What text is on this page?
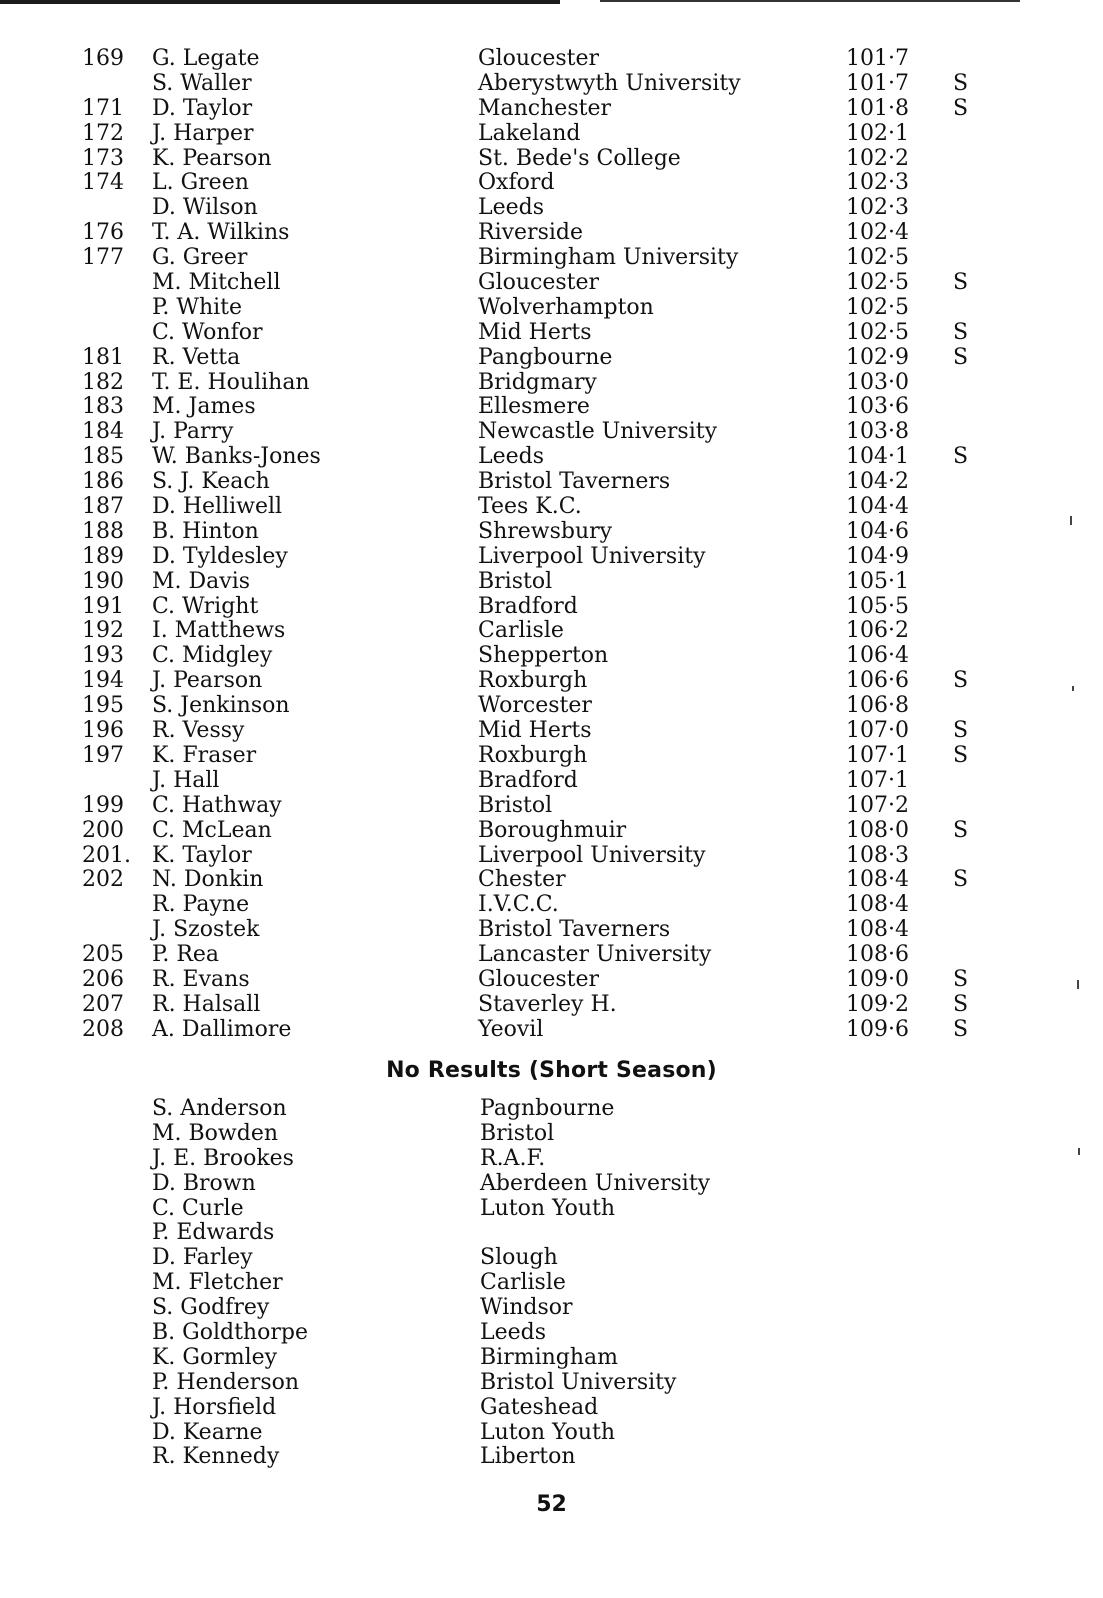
169 G. Legate	Gloucester	101·7
S. Waller	Aberystwyth University	101·7 S
171 D. Taylor	Manchester	101·8 S
172 J. Harper	Lakeland	102·1
173 K. Pearson	St. Bede's College	102·2
174 L. Green	Oxford	102·3
D. Wilson	Leeds	102·3
176 T. A. Wilkins	Riverside	102·4
177 G. Greer	Birmingham University	102·5
M. Mitchell	Gloucester	102·5 S
P. White	Wolverhampton	102·5
C. Wonfor	Mid Herts	102·5 S
181 R. Vetta	Pangbourne	102·9 S
182 T. E. Houlihan	Bridgmary	103·0
183 M. James	Ellesmere	103·6
184 J. Parry	Newcastle University	103·8
185 W. Banks-Jones	Leeds	104·1 S
186 S. J. Keach	Bristol Taverners	104·2
187 D. Helliwell	Tees K.C.	104·4
188 B. Hinton	Shrewsbury	104·6
189 D. Tyldesley	Liverpool University	104·9
190 M. Davis	Bristol	105·1
191 C. Wright	Bradford	105·5
192 I. Matthews	Carlisle	106·2
193 C. Midgley	Shepperton	106·4
194 J. Pearson	Roxburgh	106·6 S
195 S. Jenkinson	Worcester	106·8
196 R. Vessy	Mid Herts	107·0 S
197 K. Fraser	Roxburgh	107·1 S
J. Hall	Bradford	107·1
199 C. Hathway	Bristol	107·2
200 C. McLean	Boroughmuir	108·0 S
201. K. Taylor	Liverpool University	108·3
202 N. Donkin	Chester	108·4 S
R. Payne	I.V.C.C.	108·4
J. Szostek	Bristol Taverners	108·4
205 P. Rea	Lancaster University	108·6
206 R. Evans	Gloucester	109·0 S
207 R. Halsall	Staverley H.	109·2 S
208 A. Dallimore	Yeovil	109·6 S
No Results (Short Season)
S. Anderson	Pagnbourne
M. Bowden	Bristol
J. E. Brookes	R.A.F.
D. Brown	Aberdeen University
C. Curle	Luton Youth
P. Edwards
D. Farley	Slough
M. Fletcher	Carlisle
S. Godfrey	Windsor
B. Goldthorpe	Leeds
K. Gormley	Birmingham
P. Henderson	Bristol University
J. Horsfield	Gateshead
D. Kearne	Luton Youth
R. Kennedy	Liberton
52
